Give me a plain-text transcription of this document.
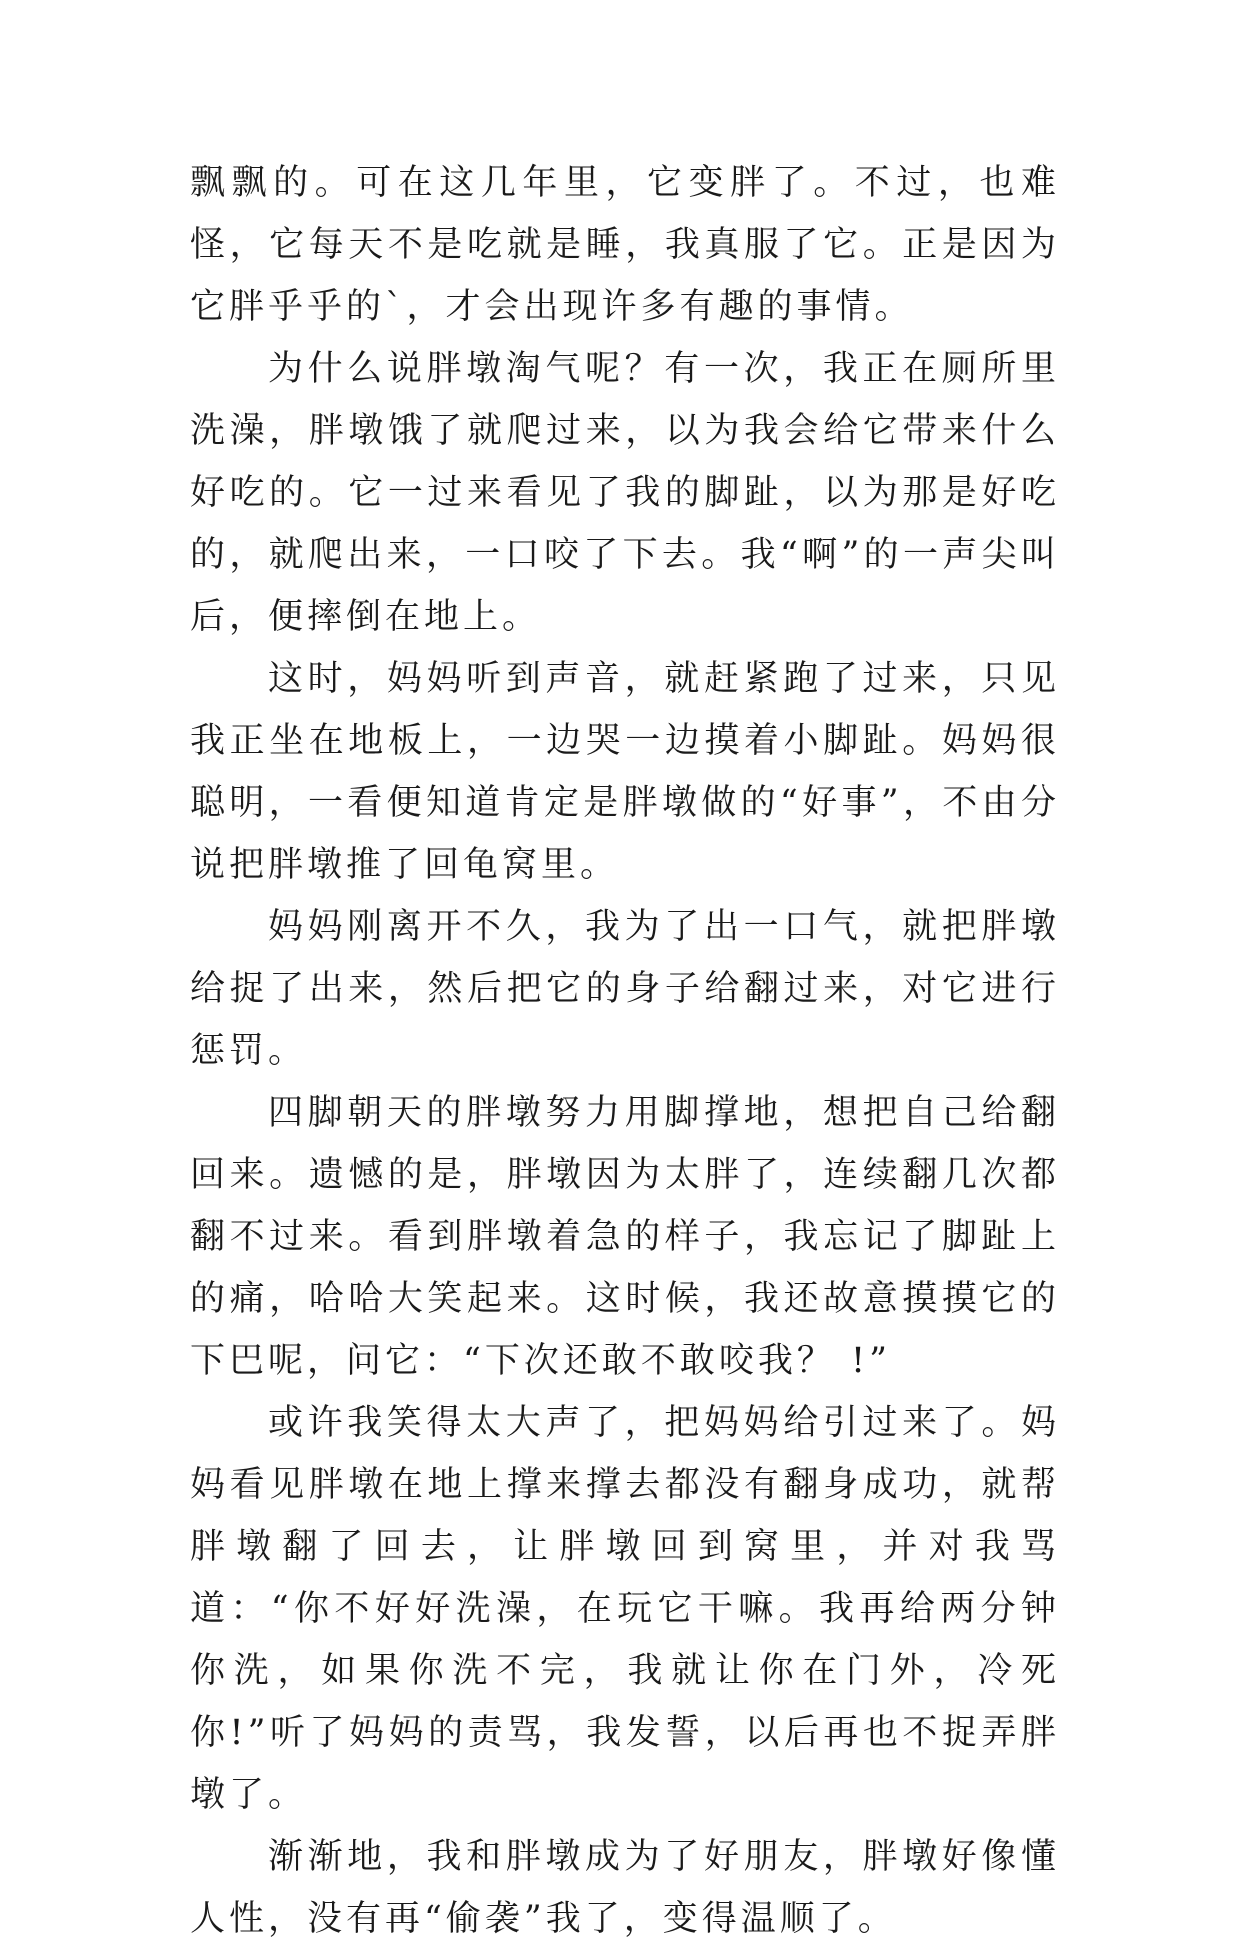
飘飘的。可在这几年里，它变胖了。不过，也难怪，它每天不是吃就是睡，我真服了它。正是因为它胖乎乎的`，才会出现许多有趣的事情。

为什么说胖墩淘气呢？有一次，我正在厕所里洗澡，胖墩饿了就爬过来，以为我会给它带来什么好吃的。它一过来看见了我的脚趾，以为那是好吃的，就爬出来，一口咬了下去。我“啊”的一声尖叫后，便摔倒在地上。

这时，妈妈听到声音，就赶紧跑了过来，只见我正坐在地板上，一边哭一边摸着小脚趾。妈妈很聪明，一看便知道肯定是胖墩做的“好事”，不由分说把胖墩推了回龟窝里。

妈妈刚离开不久，我为了出一口气，就把胖墩给捉了出来，然后把它的身子给翻过来，对它进行惩罚。

四脚朝天的胖墩努力用脚撑地，想把自己给翻回来。遗憾的是，胖墩因为太胖了，连续翻几次都翻不过来。看到胖墩着急的样子，我忘记了脚趾上的痛，哈哈大笑起来。这时候，我还故意摸摸它的下巴呢，问它：“下次还敢不敢咬我？ !”

或许我笑得太大声了，把妈妈给引过来了。妈妈看见胖墩在地上撑来撑去都没有翻身成功，就帮胖墩翻了回去，让胖墩回到窝里，并对我骂道：“你不好好洗澡，在玩它干嘛。我再给两分钟你洗，如果你洗不完，我就让你在门外，冷死你!”听了妈妈的责骂，我发誓，以后再也不捉弄胖墩了。

渐渐地，我和胖墩成为了好朋友，胖墩好像懂人性，没有再“偷袭”我了，变得温顺了。
